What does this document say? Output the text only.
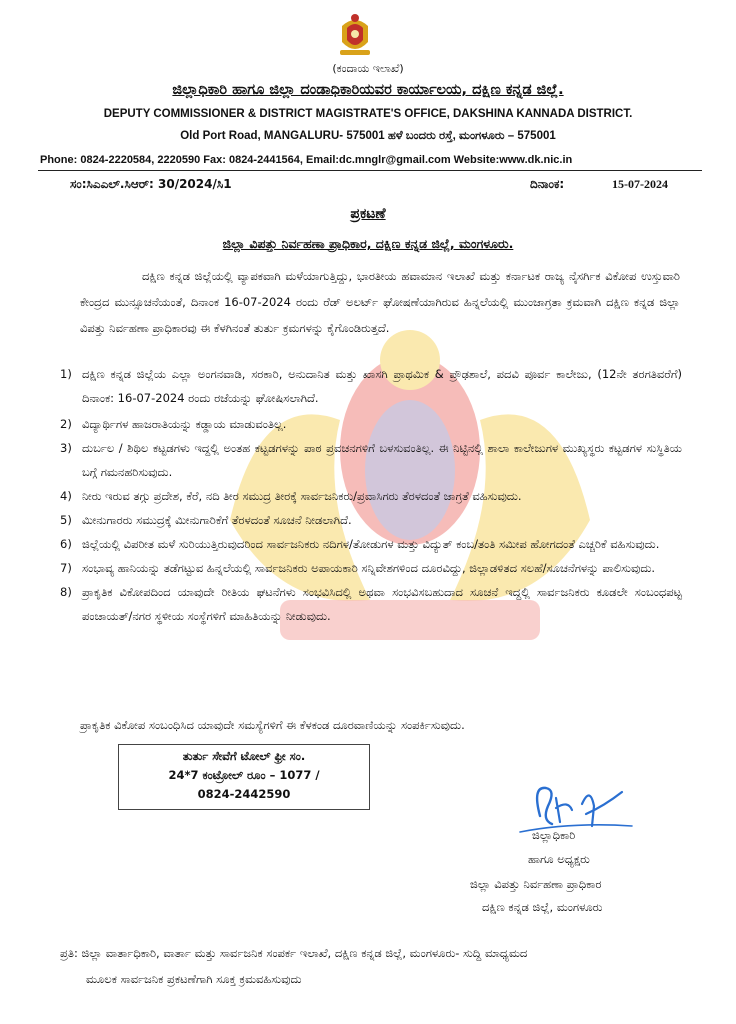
(ಕಂದಾಯ ಇಲಾಖೆ)
ಜಿಲ್ಲಾಧಿಕಾರಿ ಹಾಗೂ ಜಿಲ್ಲಾ ದಂಡಾಧಿಕಾರಿಯವರ ಕಾರ್ಯಾಲಯ, ದಕ್ಷಿಣ ಕನ್ನಡ ಜಿಲ್ಲೆ.
DEPUTY COMMISSIONER & DISTRICT MAGISTRATE'S OFFICE, DAKSHINA KANNADA DISTRICT.
Old Port Road, MANGALURU- 575001 ಹಳೆ ಬಂದರು ರಸ್ತೆ, ಮಂಗಳೂರು – 575001
Phone: 0824-2220584, 2220590 Fax: 0824-2441564, Email:dc.mnglr@gmail.com Website:www.dk.nic.in
ಸಂ:ಸಿಎಎಲ್.ಸಿಆರ್: 30/2024/ಸಿ1	ದಿನಾಂಕ:	15-07-2024
ಪ್ರಕಟಣೆ
ಜಿಲ್ಲಾ ವಿಪತ್ತು ನಿರ್ವಹಣಾ ಪ್ರಾಧಿಕಾರ, ದಕ್ಷಿಣ ಕನ್ನಡ ಜಿಲ್ಲೆ, ಮಂಗಳೂರು.

ದಕ್ಷಿಣ ಕನ್ನಡ ಜಿಲ್ಲೆಯಲ್ಲಿ ವ್ಯಾಪಕವಾಗಿ ಮಳೆಯಾಗುತ್ತಿದ್ದು, ಭಾರತೀಯ ಹವಾಮಾನ ಇಲಾಖೆ ಮತ್ತು ಕರ್ನಾಟಕ ರಾಜ್ಯ ನೈಸರ್ಗಿಕ ವಿಕೋಪ ಉಸ್ತುವಾರಿ ಕೇಂದ್ರದ ಮುನ್ಸೂಚನೆಯಂತೆ, ದಿನಾಂಕ 16-07-2024 ರಂದು ರೆಡ್ ಅಲರ್ಟ್ ಘೋಷಣೆಯಾಗಿರುವ ಹಿನ್ನಲೆಯಲ್ಲಿ ಮುಂಜಾಗ್ರತಾ ಕ್ರಮವಾಗಿ ದಕ್ಷಿಣ ಕನ್ನಡ ಜಿಲ್ಲಾ ವಿಪತ್ತು ನಿರ್ವಹಣಾ ಪ್ರಾಧಿಕಾರವು ಈ ಕೆಳಗಿನಂತೆ ತುರ್ತು ಕ್ರಮಗಳನ್ನು ಕೈಗೊಂಡಿರುತ್ತದೆ.

1) ದಕ್ಷಿಣ ಕನ್ನಡ ಜಿಲ್ಲೆಯ ಎಲ್ಲಾ ಅಂಗನವಾಡಿ, ಸರಕಾರಿ, ಅನುದಾನಿತ ಮತ್ತು ಖಾಸಗಿ ಪ್ರಾಥಮಿಕ & ಪ್ರೌಢಶಾಲೆ, ಪದವಿ ಪೂರ್ವ ಕಾಲೇಜು, (12ನೇ ತರಗತಿವರೆಗೆ) ದಿನಾಂಕ: 16-07-2024 ರಂದು ರಜೆಯನ್ನು ಘೋಷಿಸಲಾಗಿದೆ.
2) ವಿದ್ಯಾರ್ಥಿಗಳ ಹಾಜರಾತಿಯನ್ನು ಕಡ್ಡಾಯ ಮಾಡುವಂತಿಲ್ಲ.
3) ದುರ್ಬಲ / ಶಿಥಿಲ ಕಟ್ಟಡಗಳು ಇದ್ದಲ್ಲಿ ಅಂತಹ ಕಟ್ಟಡಗಳನ್ನು ಪಾಠ ಪ್ರವಚನಗಳಿಗೆ ಬಳಸುವಂತಿಲ್ಲ. ಈ ನಿಟ್ಟಿನಲ್ಲಿ ಶಾಲಾ ಕಾಲೇಜುಗಳ ಮುಖ್ಯಸ್ಥರು ಕಟ್ಟಡಗಳ ಸುಸ್ಥಿತಿಯ ಬಗ್ಗೆ ಗಮನಹರಿಸುವುದು.
4) ನೀರು ಇರುವ ತಗ್ಗು ಪ್ರದೇಶ, ಕೆರೆ, ನದಿ ತೀರ ಸಮುದ್ರ ತೀರಕ್ಕೆ ಸಾರ್ವಜನಿಕರು/ಪ್ರವಾಸಿಗರು ತೆರಳದಂತೆ ಜಾಗ್ರತೆ ವಹಿಸುವುದು.
5) ಮೀನುಗಾರರು ಸಮುದ್ರಕ್ಕೆ ಮೀನುಗಾರಿಕೆಗೆ ತೆರಳದಂತೆ ಸೂಚನೆ ನೀಡಲಾಗಿದೆ.
6) ಜಿಲ್ಲೆಯಲ್ಲಿ ವಿಪರೀತ ಮಳೆ ಸುರಿಯುತ್ತಿರುವುದರಿಂದ ಸಾರ್ವಜನಿಕರು ನದಿಗಳ/ತೋಡುಗಳ ಮತ್ತು ವಿದ್ಯುತ್ ಕಂಬ/ತಂತಿ ಸಮೀಪ ಹೋಗದಂತೆ ಎಚ್ಚರಿಕೆ ವಹಿಸುವುದು.
7) ಸಂಭಾವ್ಯ ಹಾನಿಯನ್ನು ತಡೆಗಟ್ಟುವ ಹಿನ್ನಲೆಯಲ್ಲಿ ಸಾರ್ವಜನಿಕರು ಅಪಾಯಕಾರಿ ಸನ್ನಿವೇಶಗಳಿಂದ ದೂರವಿದ್ದು, ಜಿಲ್ಲಾಡಳಿತದ ಸಲಹೆ/ಸೂಚನೆಗಳನ್ನು ಪಾಲಿಸುವುದು.
8) ಪ್ರಾಕೃತಿಕ ವಿಕೋಪದಿಂದ ಯಾವುದೇ ರೀತಿಯ ಘಟನೆಗಳು ಸಂಭವಿಸಿದಲ್ಲಿ ಅಥವಾ ಸಂಭವಿಸಬಹುದಾದ ಸೂಚನೆ ಇದ್ದಲ್ಲಿ ಸಾರ್ವಜನಿಕರು ಕೂಡಲೇ ಸಂಬಂಧಪಟ್ಟ ಪಂಚಾಯತ್/ನಗರ ಸ್ಥಳೀಯ ಸಂಸ್ಥೆಗಳಿಗೆ ಮಾಹಿತಿಯನ್ನು ನೀಡುವುದು.
ಪ್ರಾಕೃತಿಕ ವಿಕೋಪ ಸಂಬಂಧಿಸಿದ ಯಾವುದೇ ಸಮಸ್ಯೆಗಳಿಗೆ ಈ ಕೆಳಕಂಡ ದೂರವಾಣಿಯನ್ನು ಸಂಪರ್ಕಿಸುವುದು.
ತುರ್ತು ಸೇವೆಗೆ ಟೋಲ್ ಫ್ರೀ ಸಂ.
24*7 ಕಂಟ್ರೋಲ್ ರೂಂ – 1077 /
0824-2442590
ಜಿಲ್ಲಾಧಿಕಾರಿ
ಹಾಗೂ ಅಧ್ಯಕ್ಷರು
ಜಿಲ್ಲಾ ವಿಪತ್ತು ನಿರ್ವಹಣಾ ಪ್ರಾಧಿಕಾರ
ದಕ್ಷಿಣ ಕನ್ನಡ ಜಿಲ್ಲೆ, ಮಂಗಳೂರು
ಪ್ರತಿ: ಜಿಲ್ಲಾ ವಾರ್ತಾಧಿಕಾರಿ, ವಾರ್ತಾ ಮತ್ತು ಸಾರ್ವಜನಿಕ ಸಂಪರ್ಕ ಇಲಾಖೆ, ದಕ್ಷಿಣ ಕನ್ನಡ ಜಿಲ್ಲೆ, ಮಂಗಳೂರು- ಸುದ್ದಿ ಮಾಧ್ಯಮದ
ಮೂಲಕ ಸಾರ್ವಜನಿಕ ಪ್ರಕಟಣೆಗಾಗಿ ಸೂಕ್ತ ಕ್ರಮವಹಿಸುವುದು
